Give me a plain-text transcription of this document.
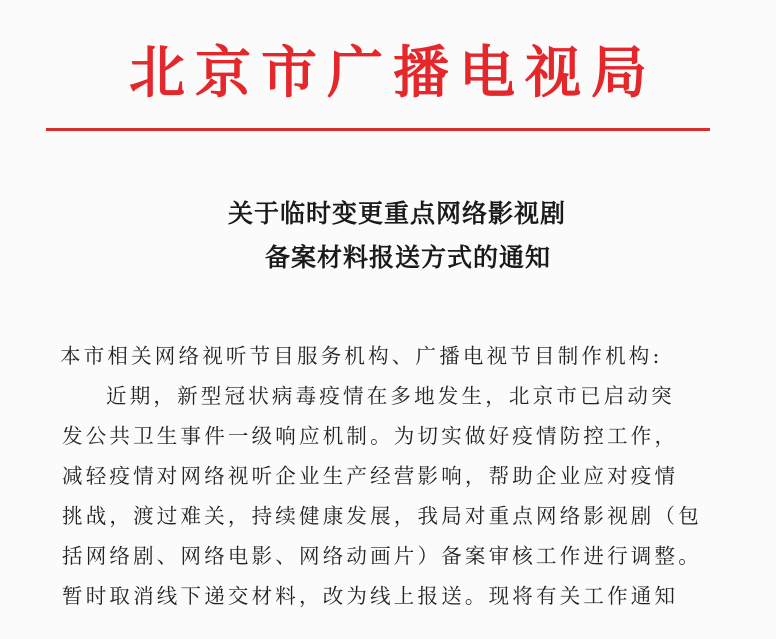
北京市广播电视局
关于临时变更重点网络影视剧
备案材料报送方式的通知
本市相关网络视听节目服务机构、广播电视节目制作机构:
近期，新型冠状病毒疫情在多地发生，北京市已启动突
发公共卫生事件一级响应机制。为切实做好疫情防控工作，
减轻疫情对网络视听企业生产经营影响，帮助企业应对疫情
挑战，渡过难关，持续健康发展，我局对重点网络影视剧（包
括网络剧、网络电影、网络动画片）备案审核工作进行调整。
暂时取消线下递交材料，改为线上报送。现将有关工作通知
